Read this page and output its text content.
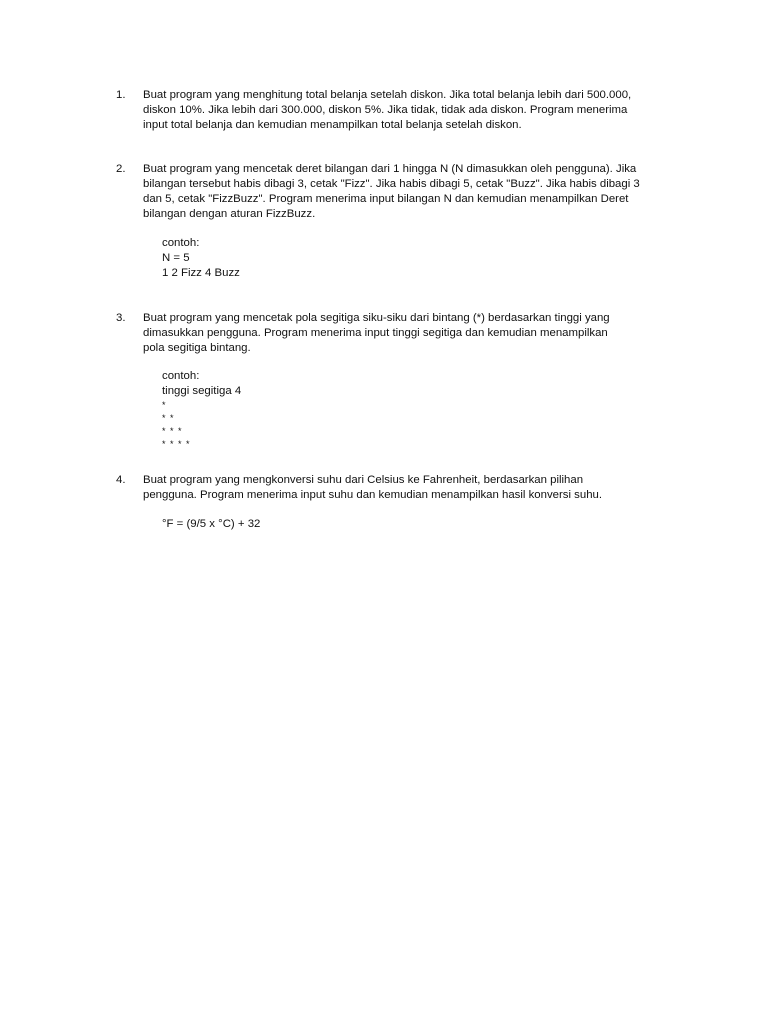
1.	Buat program yang menghitung total belanja setelah diskon. Jika total belanja lebih dari 500.000,
diskon 10%. Jika lebih dari 300.000, diskon 5%. Jika tidak, tidak ada diskon. Program menerima
input total belanja dan kemudian menampilkan total belanja setelah diskon.
2.	Buat program yang mencetak deret bilangan dari 1 hingga N (N dimasukkan oleh pengguna). Jika
bilangan tersebut habis dibagi 3, cetak "Fizz". Jika habis dibagi 5, cetak "Buzz". Jika habis dibagi 3
dan 5, cetak "FizzBuzz". Program menerima input bilangan N dan kemudian menampilkan Deret
bilangan dengan aturan FizzBuzz.
contoh:
N = 5
1 2 Fizz 4 Buzz
3.	Buat program yang mencetak pola segitiga siku-siku dari bintang (*) berdasarkan tinggi yang
dimasukkan pengguna. Program menerima input tinggi segitiga dan kemudian menampilkan
pola segitiga bintang.
contoh:
tinggi segitiga 4
*
* *
* * *
* * * *
4.	Buat program yang mengkonversi suhu dari Celsius ke Fahrenheit, berdasarkan pilihan
pengguna. Program menerima input suhu dan kemudian menampilkan hasil konversi suhu.
°F = (9/5 x °C) + 32
